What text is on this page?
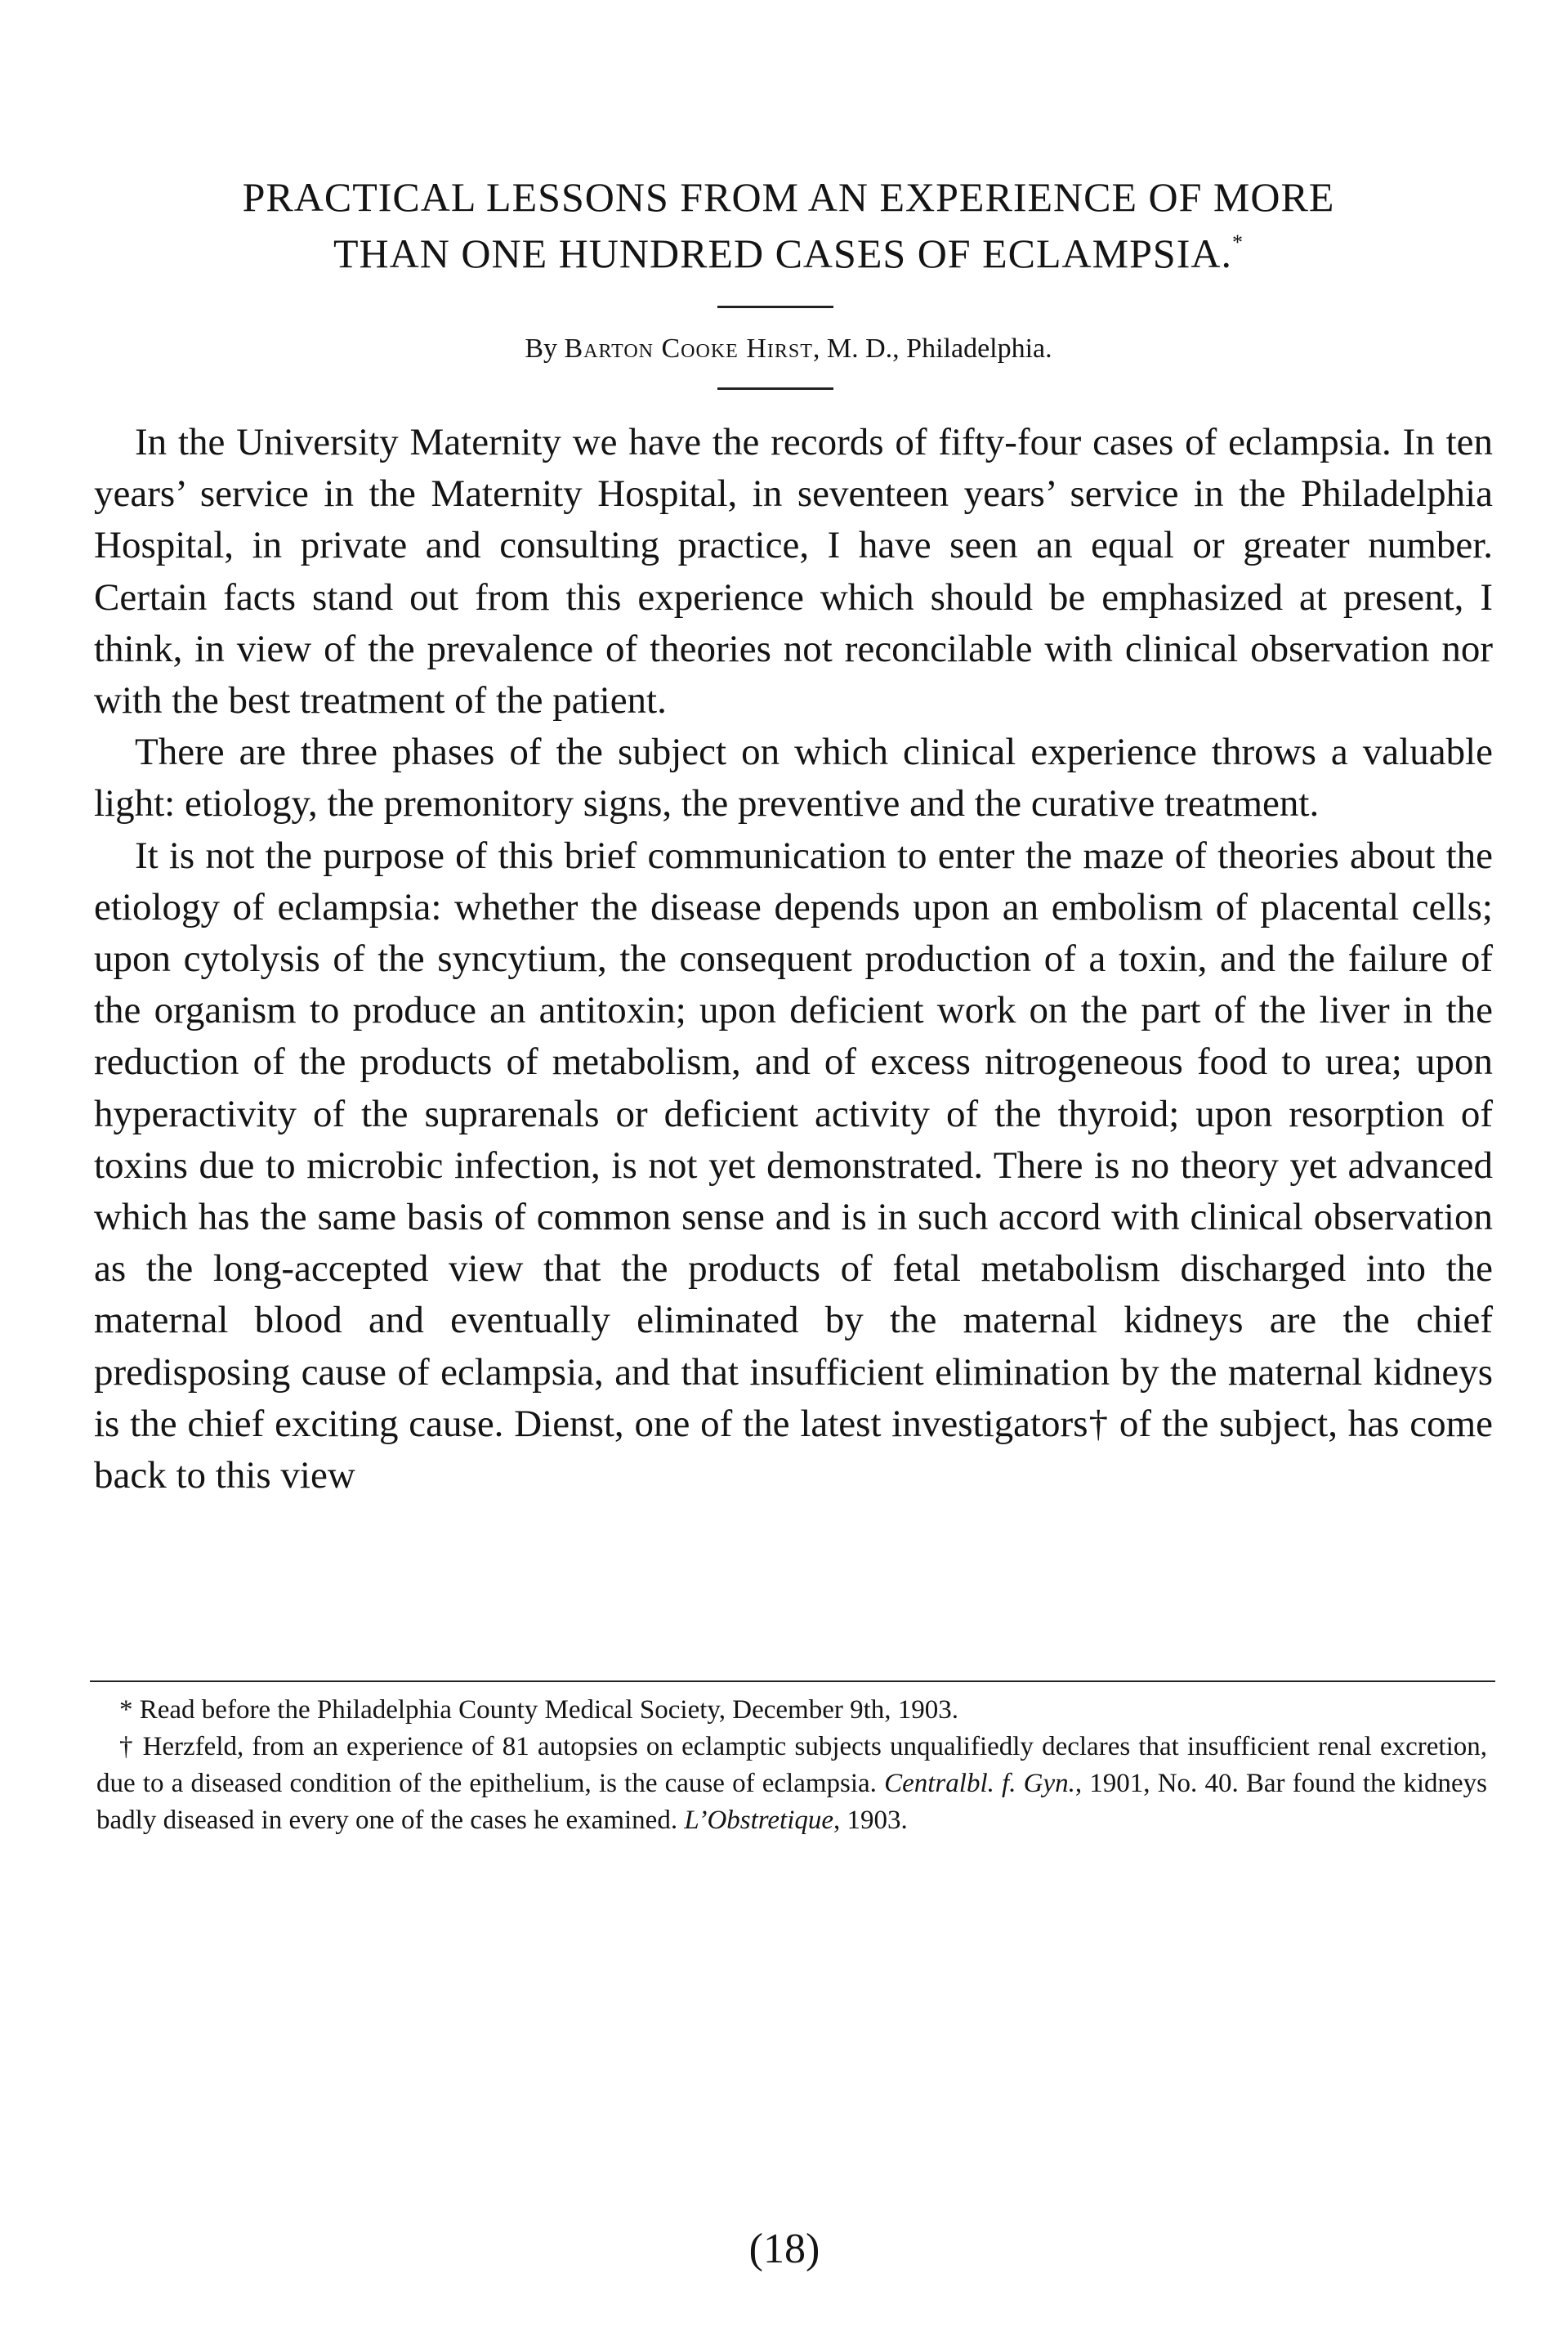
PRACTICAL LESSONS FROM AN EXPERIENCE OF MORE
THAN ONE HUNDRED CASES OF ECLAMPSIA.*
By Barton Cooke Hirst, M. D., Philadelphia.

In the University Maternity we have the records of fifty-four cases of eclampsia. In ten years’ service in the Maternity Hospital, in seventeen years’ service in the Philadelphia Hospital, in private and consulting practice, I have seen an equal or greater number. Certain facts stand out from this experience which should be emphasized at present, I think, in view of the prevalence of theories not reconcilable with clinical observation nor with the best treatment of the patient.

There are three phases of the subject on which clinical experience throws a valuable light: etiology, the premonitory signs, the preventive and the curative treatment.

It is not the purpose of this brief communication to enter the maze of theories about the etiology of eclampsia: whether the disease depends upon an embolism of placental cells; upon cytolysis of the syncytium, the consequent production of a toxin, and the failure of the organism to produce an antitoxin; upon deficient work on the part of the liver in the reduction of the products of metabolism, and of excess nitrogeneous food to urea; upon hyperactivity of the suprarenals or deficient activity of the thyroid; upon resorption of toxins due to microbic infection, is not yet demonstrated. There is no theory yet advanced which has the same basis of common sense and is in such accord with clinical observation as the long-accepted view that the products of fetal metabolism discharged into the maternal blood and eventually eliminated by the maternal kidneys are the chief predisposing cause of eclampsia, and that insufficient elimination by the maternal kidneys is the chief exciting cause. Dienst, one of the latest investigators† of the subject, has come back to this view

* Read before the Philadelphia County Medical Society, December 9th, 1903.

† Herzfeld, from an experience of 81 autopsies on eclamptic subjects unqualifiedly declares that insufficient renal excretion, due to a diseased condition of the epithelium, is the cause of eclampsia. Centralbl. f. Gyn., 1901, No. 40. Bar found the kidneys badly diseased in every one of the cases he examined. L’Obstretique, 1903.

(18)
